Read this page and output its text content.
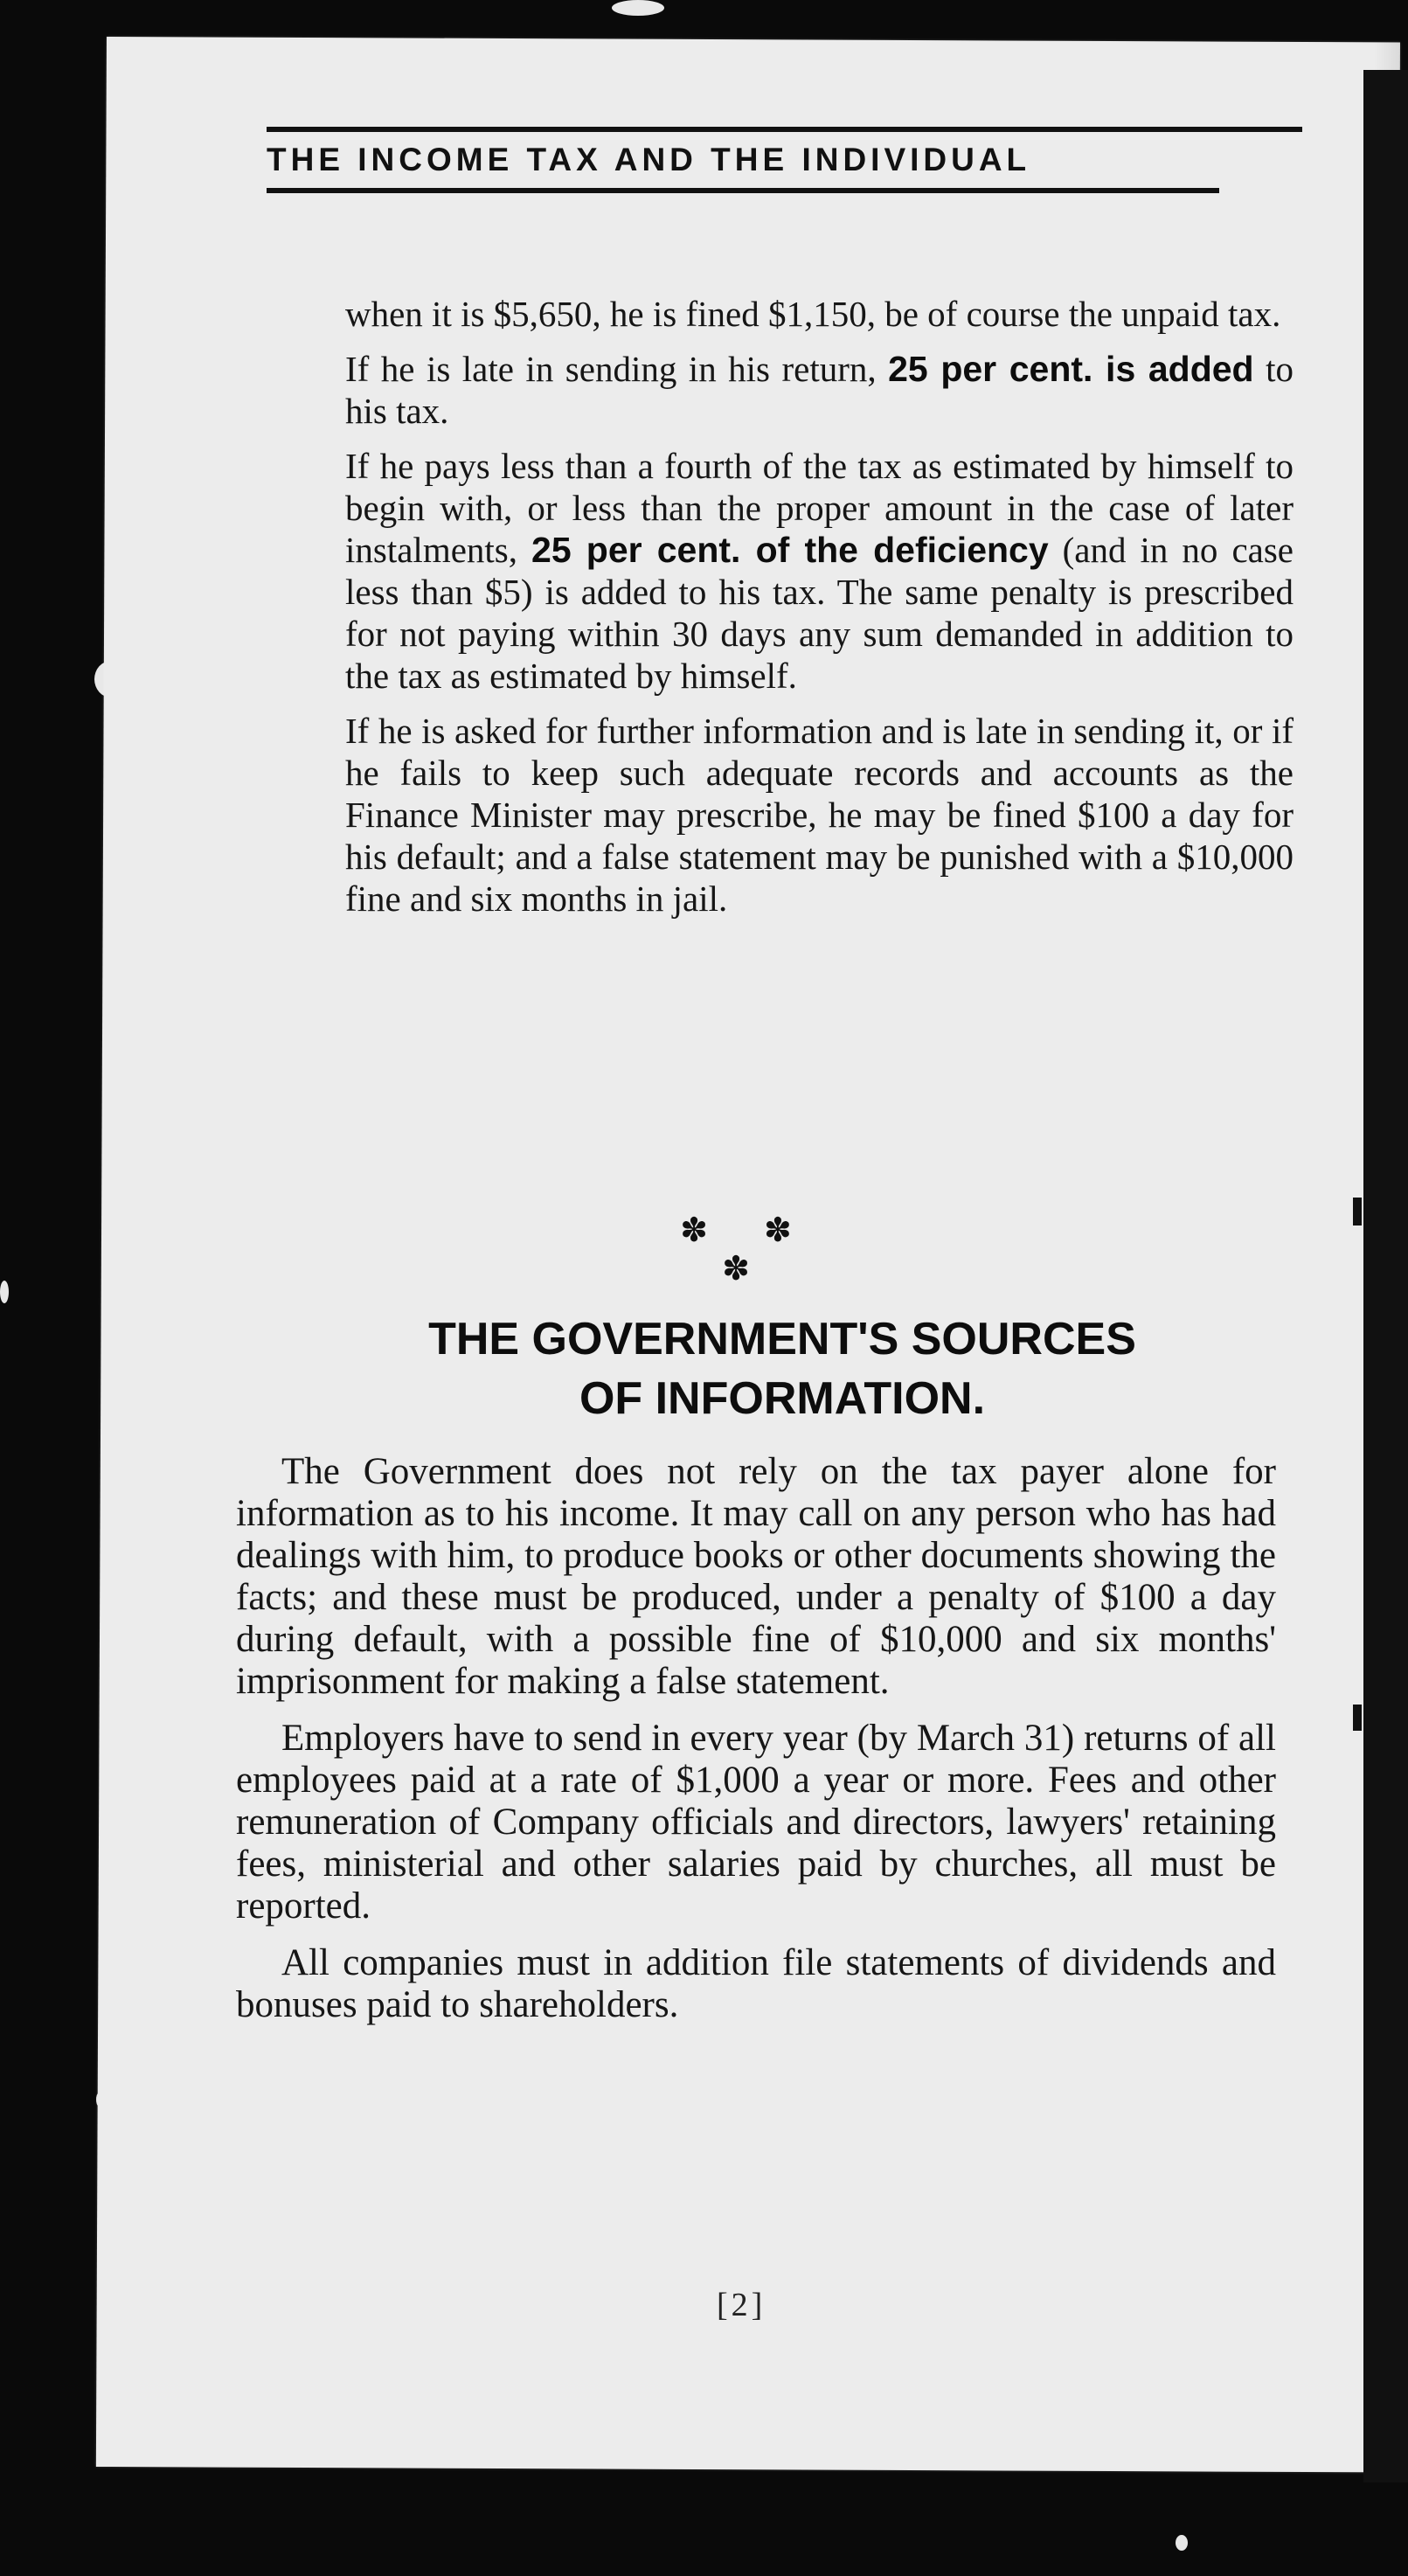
THE INCOME TAX AND THE INDIVIDUAL

when it is $5,650, he is fined $1,150, be of course the unpaid tax.

If he is late in sending in his return, 25 per cent. is added to his tax.

If he pays less than a fourth of the tax as estimated by himself to begin with, or less than the proper amount in the case of later instalments, 25 per cent. of the deficiency (and in no case less than $5) is added to his tax. The same penalty is prescribed for not paying within 30 days any sum demanded in addition to the tax as estimated by himself.

If he is asked for further information and is late in sending it, or if he fails to keep such adequate records and accounts as the Finance Minister may prescribe, he may be fined $100 a day for his default; and a false statement may be punished with a $10,000 fine and six months in jail.

✽ ✽ ✽
THE GOVERNMENT'S SOURCES
OF INFORMATION.

The Government does not rely on the tax payer alone for information as to his income. It may call on any person who has had dealings with him, to produce books or other documents showing the facts; and these must be produced, under a penalty of $100 a day during default, with a possible fine of $10,000 and six months' imprisonment for making a false statement.

Employers have to send in every year (by March 31) returns of all employees paid at a rate of $1,000 a year or more. Fees and other remuneration of Company officials and directors, lawyers' retaining fees, ministerial and other salaries paid by churches, all must be reported.

All companies must in addition file statements of dividends and bonuses paid to shareholders.

[2]
